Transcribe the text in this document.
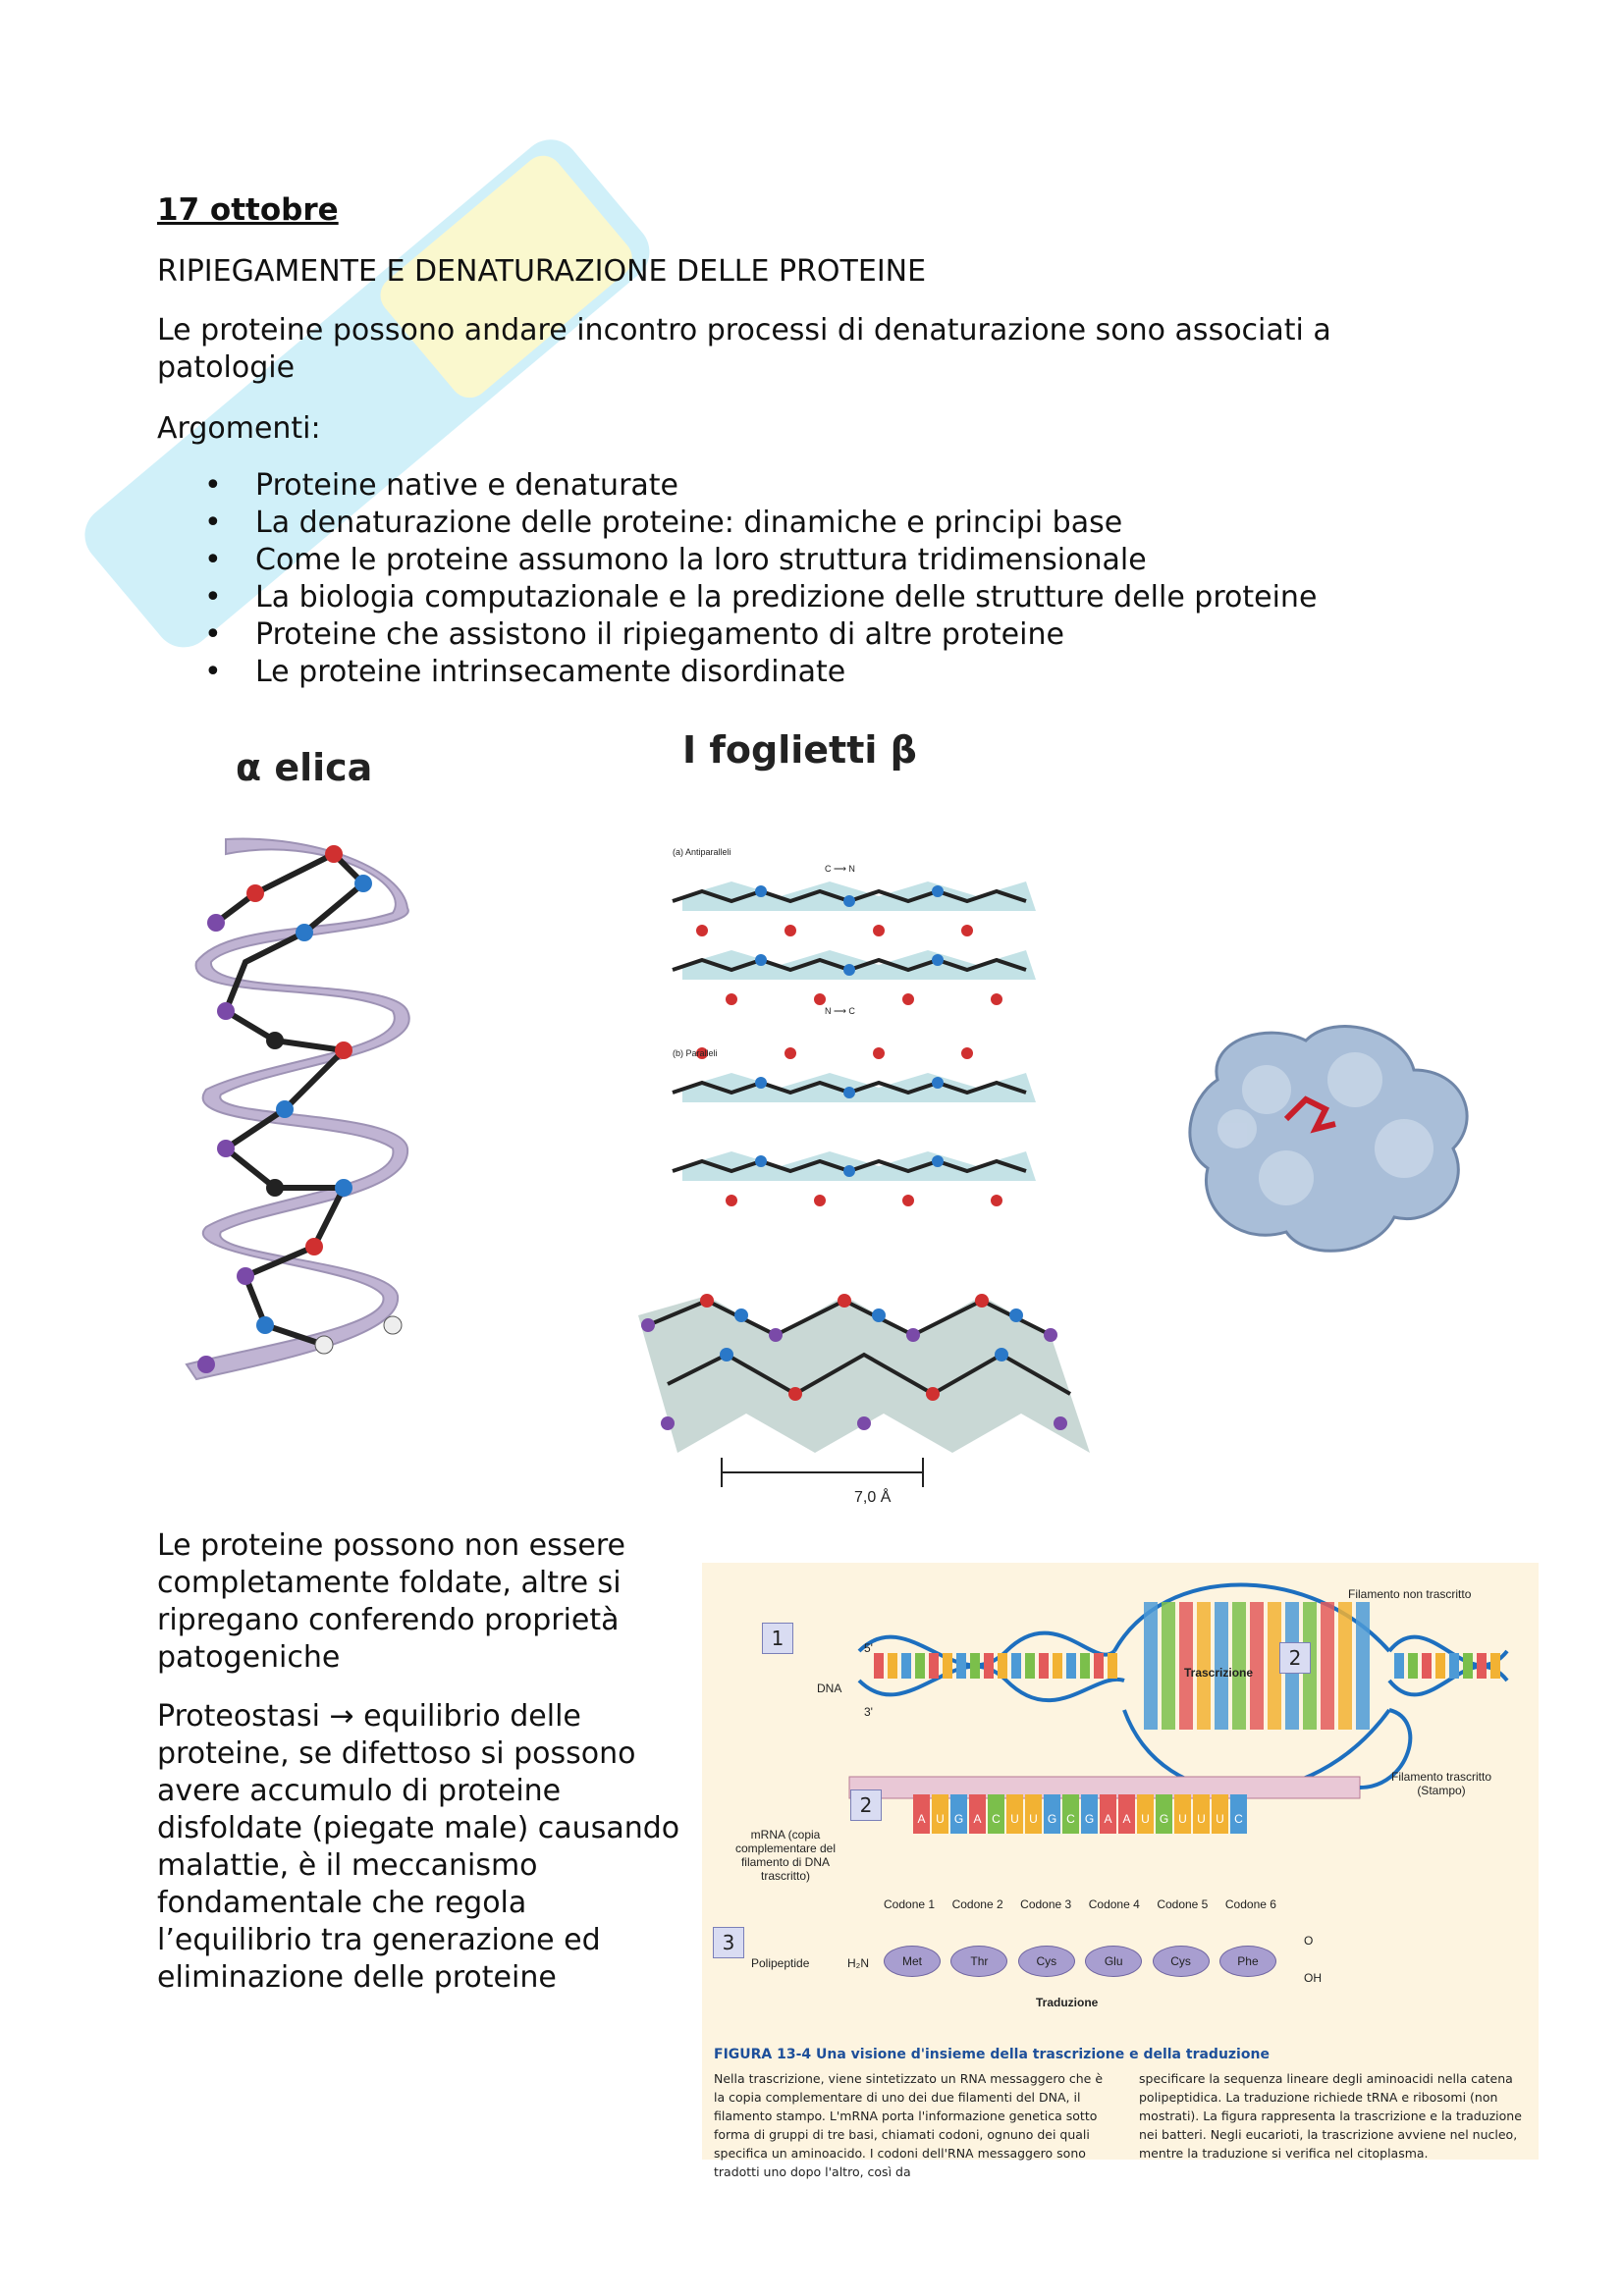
17 ottobre
RIPIEGAMENTE E DENATURAZIONE DELLE PROTEINE
Le proteine possono andare incontro processi di denaturazione sono associati a patologie
Argomenti:
• Proteine native e denaturate
• La denaturazione delle proteine: dinamiche e principi base
• Come le proteine assumono la loro struttura tridimensionale
• La biologia computazionale e la predizione delle strutture delle proteine
• Proteine che assistono il ripiegamento di altre proteine
• Le proteine intrinsecamente disordinate
α elica	I foglietti β
(a) Antiparalleli
C ⟶ N
N ⟶ C
(b) Paralleli
7,0 Å

Le proteine possono non essere completamente foldate, altre si ripregano conferendo proprietà patogeniche

Proteostasi → equilibrio delle proteine, se difettoso si possono avere accumulo di proteine disfoldate (piegate male) causando malattie, è il meccanismo fondamentale che regola l’equilibrio tra generazione ed eliminazione delle proteine

1
2
2
3
Filamento non trascritto
DNA
5'
3'
Trascrizione
Filamento trascritto (Stampo)
mRNA (copia complementare del filamento di DNA trascritto)
A U G A C U U G C G A A U G U U U C
Codone 1 Codone 2 Codone 3 Codone 4 Codone 5 Codone 6
Polipeptide	H₂N	Met	Thr	Cys	Glu	Cys	Phe
O
OH
Traduzione
FIGURA 13-4 Una visione d'insieme della trascrizione e della traduzione
Nella trascrizione, viene sintetizzato un RNA messaggero che è la copia complementare di uno dei due filamenti del DNA, il filamento stampo. L'mRNA porta l'informazione genetica sotto forma di gruppi di tre basi, chiamati codoni, ognuno dei quali specifica un aminoacido. I codoni dell'RNA messaggero sono tradotti uno dopo l'altro, così da
specificare la sequenza lineare degli aminoacidi nella catena polipeptidica. La traduzione richiede tRNA e ribosomi (non mostrati). La figura rappresenta la trascrizione e la traduzione nei batteri. Negli eucarioti, la trascrizione avviene nel nucleo, mentre la traduzione si verifica nel citoplasma.
